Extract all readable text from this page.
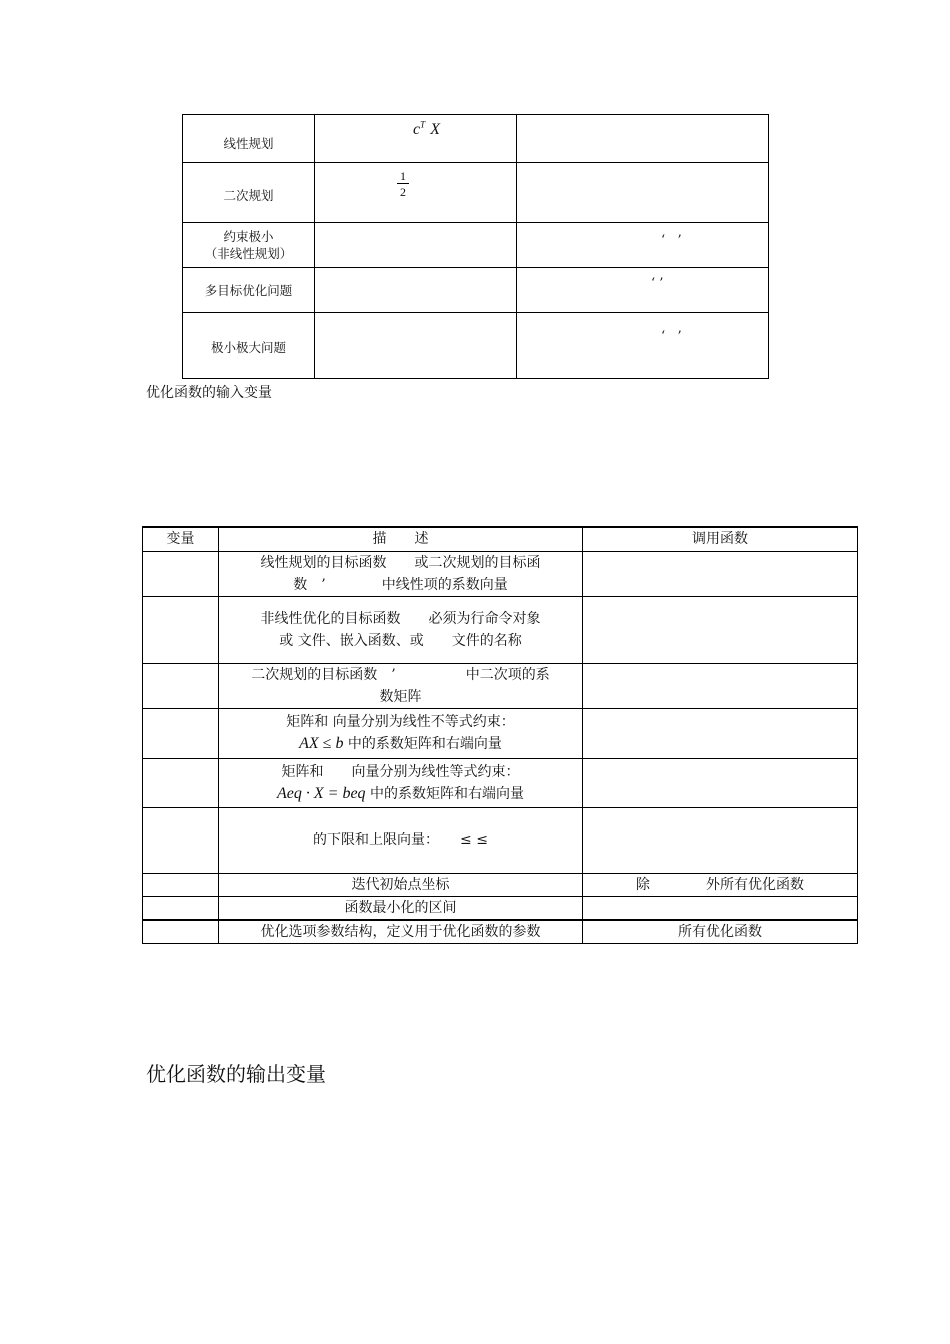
线性规划	$c^T$ X	

二次规划	$\frac{1}{2}$

约束极小
（非线性规划）		‘   ’

多目标优化问题		‘ ’

极小极大问题		‘   ’
优化函数的输入变量
变量	描　　述	调用函数

	线性规划的目标函数　　或二次规划的目标函
数　’　　　　中线性项的系数向量	

	非线性优化的目标函数　　必须为行命令对象
或 文件、嵌入函数、或　　文件的名称	

	二次规划的目标函数　’　　　　　中二次项的系
数矩阵	

	矩阵和 向量分别为线性不等式约束：
AX ≤ b 中的系数矩阵和右端向量	

	矩阵和　　向量分别为线性等式约束：
Aeq · X = beq 中的系数矩阵和右端向量	

	的下限和上限向量：　　≤ ≤	
	迭代初始点坐标	除　　　　外所有优化函数
	函数最小化的区间	
	优化选项参数结构，定义用于优化函数的参数	所有优化函数
优化函数的输出变量
